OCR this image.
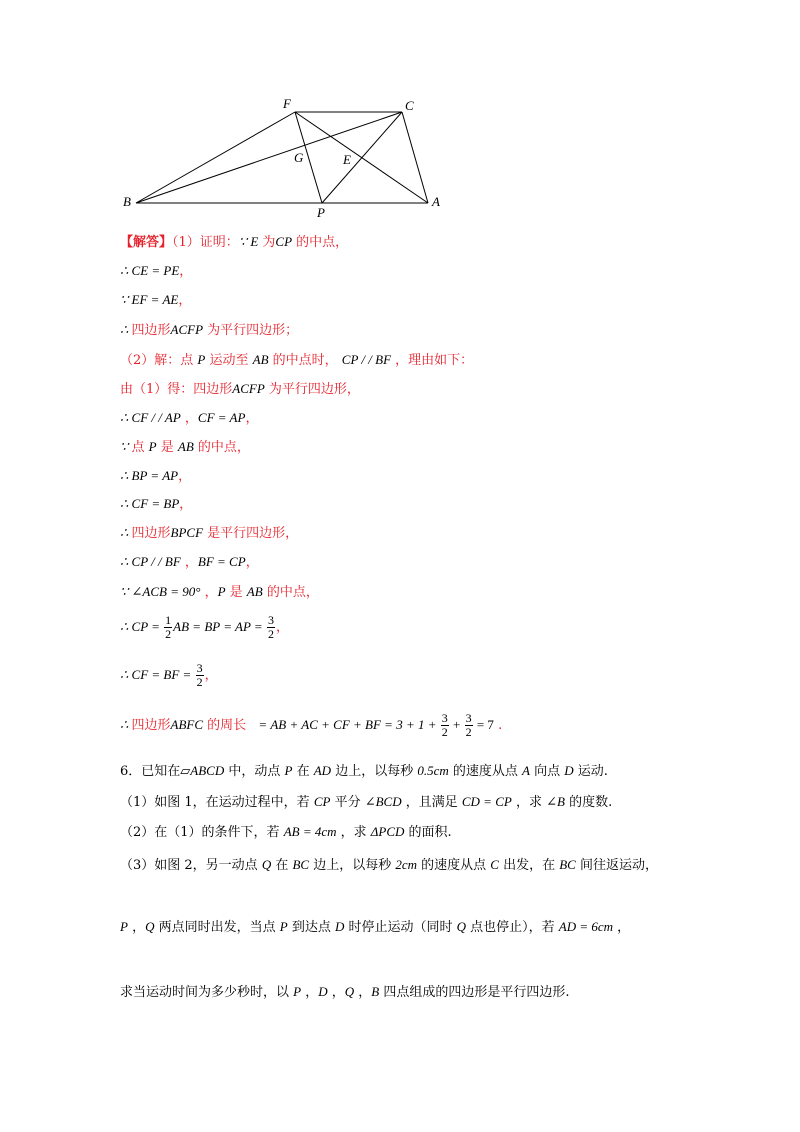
F	C
G	E
B
P
A
【解答】（1）证明：∵ E 为CP 的中点，
∴ CE = PE，
∵ EF = AE，
∴ 四边形ACFP 为平行四边形；
（2）解：点 P 运动至 AB 的中点时， CP / / BF ，理由如下：
由（1）得：四边形ACFP 为平行四边形，
∴ CF / / AP ，CF = AP，
∵ 点 P 是 AB 的中点，
∴ BP = AP，
∴ CF = BP，
∴ 四边形BPCF 是平行四边形，
∴ CP / / BF ，BF = CP，
∵ ∠ACB = 90° ，P 是 AB 的中点，
∴ CP = $\frac{1}{2}$ AB = BP = AP = $\frac{3}{2}$ ，
∴ CF = BF = $\frac{3}{2}$ ，
∴ 四边形ABFC 的周长 = AB + AC + CF + BF = $3 + 1 + \frac{3}{2} + \frac{3}{2} = 7$ .
6．已知在▱ABCD 中，动点 P 在 AD 边上，以每秒 0.5cm 的速度从点 A 向点 D 运动.
（1）如图 1，在运动过程中，若 CP 平分 ∠BCD ，且满足 CD = CP ，求 ∠B 的度数.
（2）在（1）的条件下，若 AB = 4cm ，求 ΔPCD 的面积.
（3）如图 2，另一动点 Q 在 BC 边上，以每秒 2cm 的速度从点 C 出发，在 BC 间往返运动，
P ，Q 两点同时出发，当点 P 到达点 D 时停止运动（同时 Q 点也停止），若 AD = 6cm ，
求当运动时间为多少秒时，以 P ，D ，Q ，B 四点组成的四边形是平行四边形.
